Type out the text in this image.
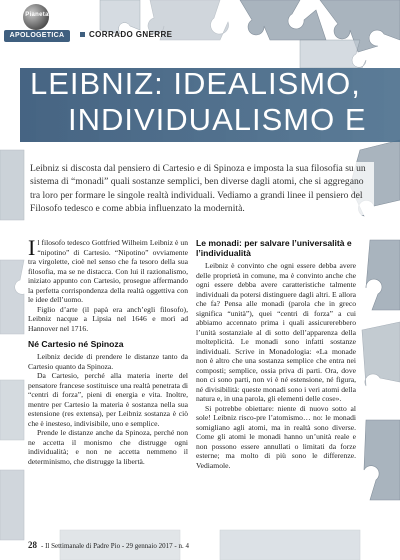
Pianeta
APOLOGETICA	CORRADO GNERRE
LEIBNIZ: IDEALISMO,
INDIVIDUALISMO E
Leibniz si discosta dal pensiero di Cartesio e di Spinoza e imposta la sua filosofia su un sistema di “monadi” quali sostanze semplici, ben diverse dagli atomi, che si aggregano tra loro per formare le singole realtà individuali. Vediamo a grandi linee il pensiero del Filosofo tedesco e come abbia influenzato la modernità.

Il filosofo tedesco Gottfried Wilheim Leibniz è un “nipotino” di Cartesio. “Nipotino” ovviamente tra virgolette, cioè nel senso che fa tesoro della sua filosofia, ma se ne distacca. Con lui il razionalismo, iniziato appunto con Cartesio, prosegue affermando la perfetta corrispondenza della realtà oggettiva con le idee dell’uomo.

Figlio d’arte (il papà era anch’egli filosofo), Leibniz nacque a Lipsia nel 1646 e morì ad Hannover nel 1716.

Né Cartesio né Spinoza

Leibniz decide di prendere le distanze tanto da Cartesio quanto da Spinoza.

Da Cartesio, perché alla materia inerte del pensatore francese sostituisce una realtà penetrata di “centri di forza”, pieni di energia e vita. Inoltre, mentre per Cartesio la materia è sostanza nella sua estensione (res extensa), per Leibniz sostanza è ciò che è inesteso, indivisibile, uno e semplice.

Prende le distanze anche da Spinoza, perché non ne accetta il monismo che distrugge ogni individualità; e non ne accetta nemmeno il determinismo, che distrugge la libertà.

Le monadi: per salvare l’universalità e l’individualità

Leibniz è convinto che ogni essere debba avere delle proprietà in comune, ma è convinto anche che ogni essere debba avere caratteristiche talmente individuali da potersi distinguere dagli altri. E allora che fa? Pensa alle monadi (parola che in greco significa “unità”), quei “centri di forza” a cui abbiamo accennato prima i quali assicurerebbero l’unità sostanziale al di sotto dell’apparenza della molteplicità. Le monadi sono infatti sostanze individuali. Scrive in Monadologia: «La monade non è altro che una sostanza semplice che entra nei composti; semplice, ossia priva di parti. Ora, dove non ci sono parti, non vi è né estensione, né figura, né divisibilità: queste monadi sono i veri atomi della natura e, in una parola, gli elementi delle cose».

Si potrebbe obiettare: niente di nuovo sotto al sole! Leibniz risco-pre l’atomismo… no: le monadi somigliano agli atomi, ma in realtà sono diverse. Come gli atomi le monadi hanno un’unità reale e non possono essere annullati o limitati da forze esterne; ma molto di più sono le differenze. Vediamole.

28 - Il Settimanale di Padre Pio - 29 gennaio 2017 - n. 4
